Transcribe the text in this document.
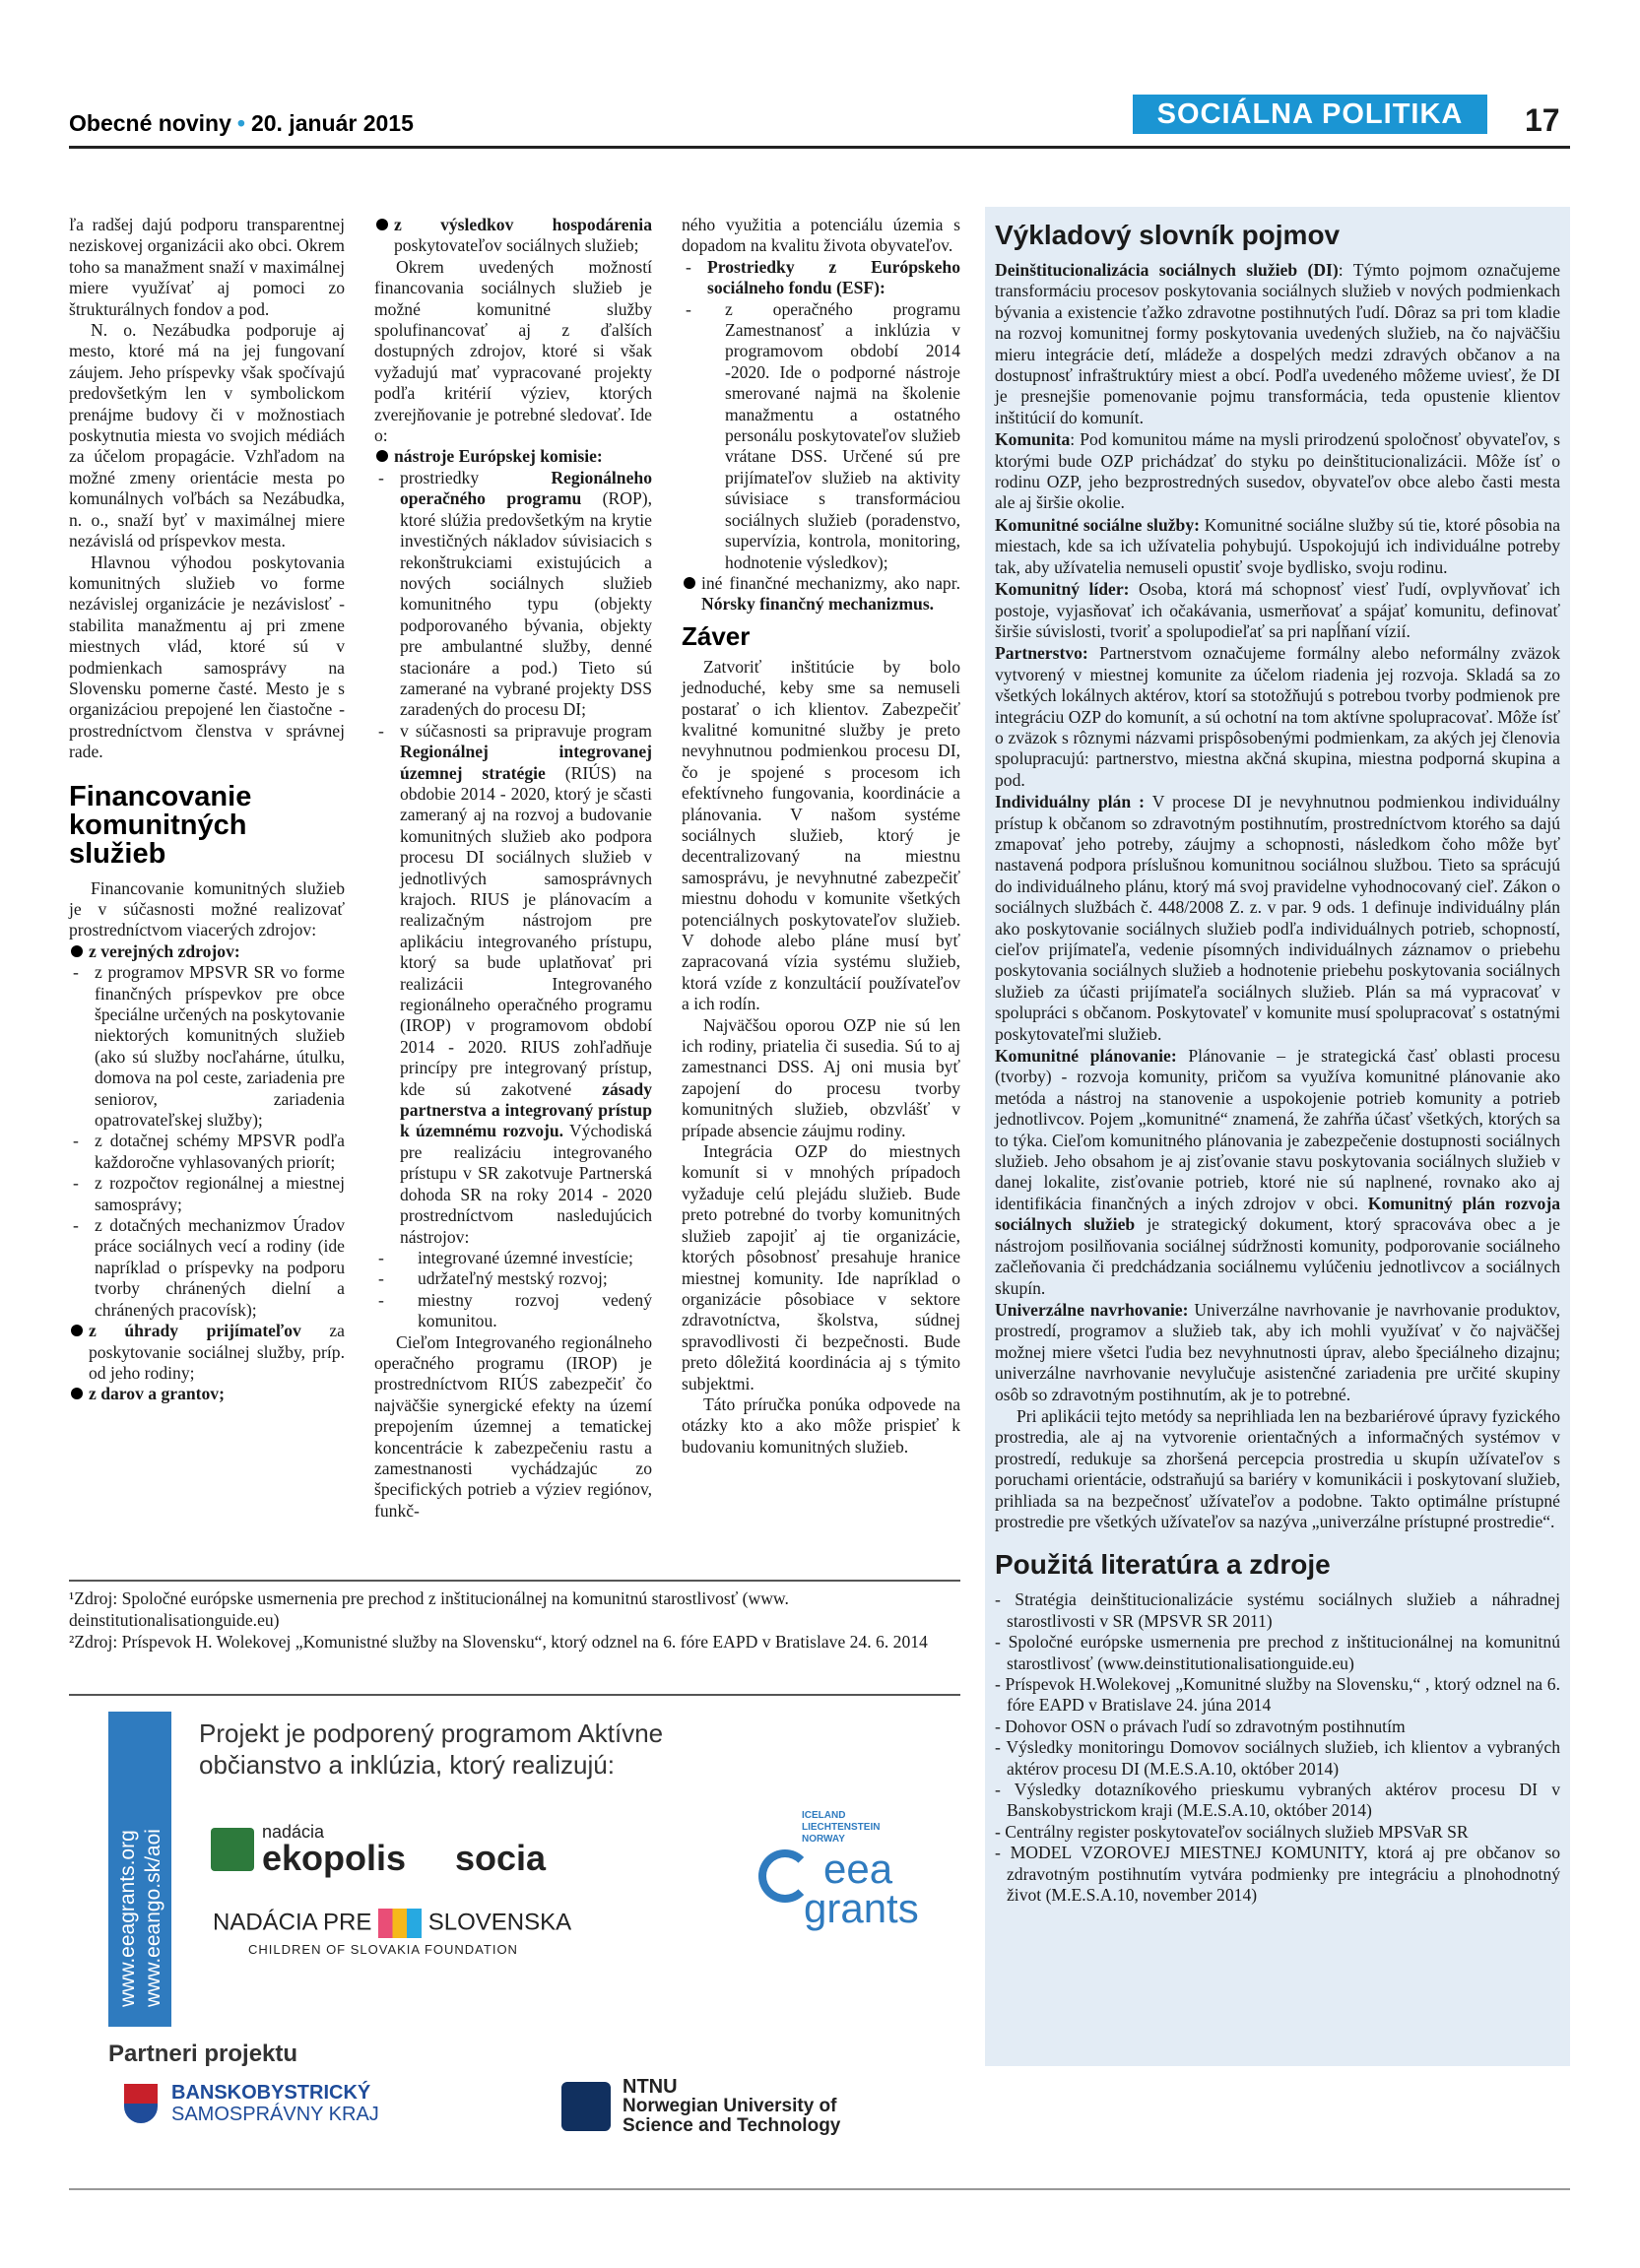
Obecné noviny • 20. január 2015	SOCIÁLNA POLITIKA	17

ľa radšej dajú podporu transparentnej neziskovej organizácii ako obci. Okrem toho sa manažment snaží v maximálnej miere využívať aj pomoci zo štrukturálnych fondov a pod.

N. o. Nezábudka podporuje aj mesto, ktoré má na jej fungovaní záujem. Jeho príspevky však spočívajú predovšetkým len v symbolickom prenájme budovy či v možnostiach poskytnutia miesta vo svojich médiách za účelom propagácie. Vzhľadom na možné zmeny orientácie mesta po komunálnych voľbách sa Nezábudka, n. o., snaží byť v maximálnej miere nezávislá od príspevkov mesta.

Hlavnou výhodou poskytovania komunitných služieb vo forme nezávislej organizácie je nezávislosť - stabilita manažmentu aj pri zmene miestnych vlád, ktoré sú v podmienkach samosprávy na Slovensku pomerne časté. Mesto je s organizáciou prepojené len čiastočne - prostredníctvom členstva v správnej rade.

Financovanie komunitných služieb

Financovanie komunitných služieb je v súčasnosti možné realizovať prostredníctvom viacerých zdrojov:

z verejných zdrojov:
- z programov MPSVR SR vo forme finančných príspevkov pre obce špeciálne určených na poskytovanie niektorých komunitných služieb (ako sú služby nocľahárne, útulku, domova na pol ceste, zariadenia pre seniorov, zariadenia opatrovateľskej služby);
- z dotačnej schémy MPSVR podľa každoročne vyhlasovaných priorít;
- z rozpočtov regionálnej a miestnej samosprávy;
- z dotačných mechanizmov Úradov práce sociálnych vecí a rodiny (ide napríklad o príspevky na podporu tvorby chránených dielní a chránených pracovísk);
z úhrady prijímateľov za poskytovanie sociálnej služby, príp. od jeho rodiny;
z darov a grantov;
z výsledkov hospodárenia poskytovateľov sociálnych služieb;

Okrem uvedených možností financovania sociálnych služieb je možné komunitné služby spolufinancovať aj z ďalších dostupných zdrojov, ktoré si však vyžadujú mať vypracované projekty podľa kritérií výziev, ktorých zverejňovanie je potrebné sledovať. Ide o:

nástroje Európskej komisie:
- prostriedky Regionálneho operačného programu (ROP), ktoré slúžia predovšetkým na krytie investičných nákladov súvisiacich s rekonštrukciami existujúcich a nových sociálnych služieb komunitného typu (objekty podporovaného bývania, objekty pre ambulantné služby, denné stacionáre a pod.) Tieto sú zamerané na vybrané projekty DSS zaradených do procesu DI;
- v súčasnosti sa pripravuje program Regionálnej integrovanej územnej stratégie (RIÚS) na obdobie 2014 - 2020, ktorý je sčasti zameraný aj na rozvoj a budovanie komunitných služieb ako podpora procesu DI sociálnych služieb v jednotlivých samosprávnych krajoch. RIUS je plánovacím a realizačným nástrojom pre aplikáciu integrovaného prístupu, ktorý sa bude uplatňovať pri realizácii Integrovaného regionálneho operačného programu (IROP) v programovom období 2014 - 2020. RIUS zohľadňuje princípy pre integrovaný prístup, kde sú zakotvené zásady partnerstva a integrovaný prístup k územnému rozvoju. Východiská pre realizáciu integrovaného prístupu v SR zakotvuje Partnerská dohoda SR na roky 2014 - 2020 prostredníctvom nasledujúcich nástrojov:
- integrované územné investície;
- udržateľný mestský rozvoj;
- miestny rozvoj vedený komunitou.

Cieľom Integrovaného regionálneho operačného programu (IROP) je prostredníctvom RIÚS zabezpečiť čo najväčšie synergické efekty na území prepojením územnej a tematickej koncentrácie k zabezpečeniu rastu a zamestnanosti vychádzajúc zo špecifických potrieb a výziev regiónov, funkč-

ného využitia a potenciálu územia s dopadom na kvalitu života obyvateľov.

- Prostriedky z Európskeho sociálneho fondu (ESF):
- z operačného programu Zamestnanosť a inklúzia v programovom období 2014 -2020. Ide o podporné nástroje smerované najmä na školenie manažmentu a ostatného personálu poskytovateľov služieb vrátane DSS. Určené sú pre prijímateľov služieb na aktivity súvisiace s transformáciou sociálnych služieb (poradenstvo, supervízia, kontrola, monitoring, hodnotenie výsledkov);
iné finančné mechanizmy, ako napr. Nórsky finančný mechanizmus.
Záver

Zatvoriť inštitúcie by bolo jednoduché, keby sme sa nemuseli postarať o ich klientov. Zabezpečiť kvalitné komunitné služby je preto nevyhnutnou podmienkou procesu DI, čo je spojené s procesom ich efektívneho fungovania, koordinácie a plánovania. V našom systéme sociálnych služieb, ktorý je decentralizovaný na miestnu samosprávu, je nevyhnutné zabezpečiť miestnu dohodu v komunite všetkých potenciálnych poskytovateľov služieb. V dohode alebo pláne musí byť zapracovaná vízia systému služieb, ktorá vzíde z konzultácií používateľov a ich rodín.

Najväčšou oporou OZP nie sú len ich rodiny, priatelia či susedia. Sú to aj zamestnanci DSS. Aj oni musia byť zapojení do procesu tvorby komunitných služieb, obzvlášť v prípade absencie záujmu rodiny.

Integrácia OZP do miestnych komunít si v mnohých prípadoch vyžaduje celú plejádu služieb. Bude preto potrebné do tvorby komunitných služieb zapojiť aj tie organizácie, ktorých pôsobnosť presahuje hranice miestnej komunity. Ide napríklad o organizácie pôsobiace v sektore zdravotníctva, školstva, súdnej spravodlivosti či bezpečnosti. Bude preto dôležitá koordinácia aj s týmito subjektmi.

Táto príručka ponúka odpovede na otázky kto a ako môže prispieť k budovaniu komunitných služieb.

¹Zdroj: Spoločné európske usmernenia pre prechod z inštitucionálnej na komunitnú starostlivosť (www. deinstitutionalisationguide.eu)
²Zdroj: Príspevok H. Wolekovej „Komunistné služby na Slovensku“, ktorý odznel na 6. fóre EAPD v Bratislave 24. 6. 2014
www.eeagrants.org www.eeango.sk/aoi
Projekt je podporený programom Aktívne občianstvo a inklúzia, ktorý realizujú:
nadácia
ekopolis socia
NADÁCIA PRE SLOVENSKA
CHILDREN OF SLOVAKIA FOUNDATION
ICELAND LIECHTENSTEIN NORWAY
eea
grants
Partneri projektu
BANSKOBYSTRICKÝ
SAMOSPRÁVNY KRAJ
NTNU
Norwegian University of
Science and Technology
Výkladový slovník pojmov
Deinštitucionalizácia sociálnych služieb (DI): Týmto pojmom označujeme transformáciu procesov poskytovania sociálnych služieb v nových podmienkach bývania a existencie ťažko zdravotne postihnutých ľudí. Dôraz sa pri tom kladie na rozvoj komunitnej formy poskytovania uvedených služieb, na čo najväčšiu mieru integrácie detí, mládeže a dospelých medzi zdravých občanov a na dostupnosť infraštruktúry miest a obcí. Podľa uvedeného môžeme uviesť, že DI je presnejšie pomenovanie pojmu transformácia, teda opustenie klientov inštitúcií do komunít.
Komunita: Pod komunitou máme na mysli prirodzenú spoločnosť obyvateľov, s ktorými bude OZP prichádzať do styku po deinštitucionalizácii. Môže ísť o rodinu OZP, jeho bezprostredných susedov, obyvateľov obce alebo časti mesta ale aj širšie okolie.
Komunitné sociálne služby: Komunitné sociálne služby sú tie, ktoré pôsobia na miestach, kde sa ich užívatelia pohybujú. Uspokojujú ich individuálne potreby tak, aby užívatelia nemuseli opustiť svoje bydlisko, svoju rodinu.
Komunitný líder: Osoba, ktorá má schopnosť viesť ľudí, ovplyvňovať ich postoje, vyjasňovať ich očakávania, usmerňovať a spájať komunitu, definovať širšie súvislosti, tvoriť a spolupodieľať sa pri napĺňaní vízií.
Partnerstvo: Partnerstvom označujeme formálny alebo neformálny zväzok vytvorený v miestnej komunite za účelom riadenia jej rozvoja. Skladá sa zo všetkých lokálnych aktérov, ktorí sa stotožňujú s potrebou tvorby podmienok pre integráciu OZP do komunít, a sú ochotní na tom aktívne spolupracovať. Môže ísť o zväzok s rôznymi názvami prispôsobenými podmienkam, za akých jej členovia spolupracujú: partnerstvo, miestna akčná skupina, miestna podporná skupina a pod.
Individuálny plán : V procese DI je nevyhnutnou podmienkou individuálny prístup k občanom so zdravotným postihnutím, prostredníctvom ktorého sa dajú zmapovať jeho potreby, záujmy a schopnosti, následkom čoho môže byť nastavená podpora príslušnou komunitnou sociálnou službou. Tieto sa sprácujú do individuálneho plánu, ktorý má svoj pravidelne vyhodnocovaný cieľ. Zákon o sociálnych službách č. 448/2008 Z. z. v par. 9 ods. 1 definuje individuálny plán ako poskytovanie sociálnych služieb podľa individuálnych potrieb, schopností, cieľov prijímateľa, vedenie písomných individuálnych záznamov o priebehu poskytovania sociálnych služieb a hodnotenie priebehu poskytovania sociálnych služieb za účasti prijímateľa sociálnych služieb. Plán sa má vypracovať v spolupráci s občanom. Poskytovateľ v komunite musí spolupracovať s ostatnými poskytovateľmi služieb.
Komunitné plánovanie: Plánovanie – je strategická časť oblasti procesu (tvorby) - rozvoja komunity, pričom sa využíva komunitné plánovanie ako metóda a nástroj na stanovenie a uspokojenie potrieb komunity a potrieb jednotlivcov. Pojem „komunitné“ znamená, že zahŕňa účasť všetkých, ktorých sa to týka. Cieľom komunitného plánovania je zabezpečenie dostupnosti sociálnych služieb. Jeho obsahom je aj zisťovanie stavu poskytovania sociálnych služieb v danej lokalite, zisťovanie potrieb, ktoré nie sú naplnené, rovnako ako aj identifikácia finančných a iných zdrojov v obci. Komunitný plán rozvoja sociálnych služieb je strategický dokument, ktorý spracováva obec a je nástrojom posilňovania sociálnej súdržnosti komunity, podporovanie sociálneho začleňovania či predchádzania sociálnemu vylúčeniu jednotlivcov a sociálnych skupín.
Univerzálne navrhovanie: Univerzálne navrhovanie je navrhovanie produktov, prostredí, programov a služieb tak, aby ich mohli využívať v čo najväčšej možnej miere všetci ľudia bez nevyhnutnosti úprav, alebo špeciálneho dizajnu; univerzálne navrhovanie nevylučuje asistenčné zariadenia pre určité skupiny osôb so zdravotným postihnutím, ak je to potrebné.

Pri aplikácii tejto metódy sa neprihliada len na bezbariérové úpravy fyzického prostredia, ale aj na vytvorenie orientačných a informačných systémov v prostredí, redukuje sa zhoršená percepcia prostredia u skupín užívateľov s poruchami orientácie, odstraňujú sa bariéry v komunikácii i poskytovaní služieb, prihliada sa na bezpečnosť užívateľov a podobne. Takto optimálne prístupné prostredie pre všetkých užívateľov sa nazýva „univerzálne prístupné prostredie“.

Použitá literatúra a zdroje
- Stratégia deinštitucionalizácie systému sociálnych služieb a náhradnej starostlivosti v SR (MPSVR SR 2011)
- Spoločné európske usmernenia pre prechod z inštitucionálnej na komunitnú starostlivosť (www.deinstitutionalisationguide.eu)
- Príspevok H.Wolekovej „Komunitné služby na Slovensku,“ , ktorý odznel na 6. fóre EAPD v Bratislave 24. júna 2014
- Dohovor OSN o právach ľudí so zdravotným postihnutím
- Výsledky monitoringu Domovov sociálnych služieb, ich klientov a vybraných aktérov procesu DI (M.E.S.A.10, október 2014)
- Výsledky dotazníkového prieskumu vybraných aktérov procesu DI v Banskobystrickom kraji (M.E.S.A.10, október 2014)
- Centrálny register poskytovateľov sociálnych služieb MPSVaR SR
- MODEL VZOROVEJ MIESTNEJ KOMUNITY, ktorá aj pre občanov so zdravotným postihnutím vytvára podmienky pre integráciu a plnohodnotný život (M.E.S.A.10, november 2014)
